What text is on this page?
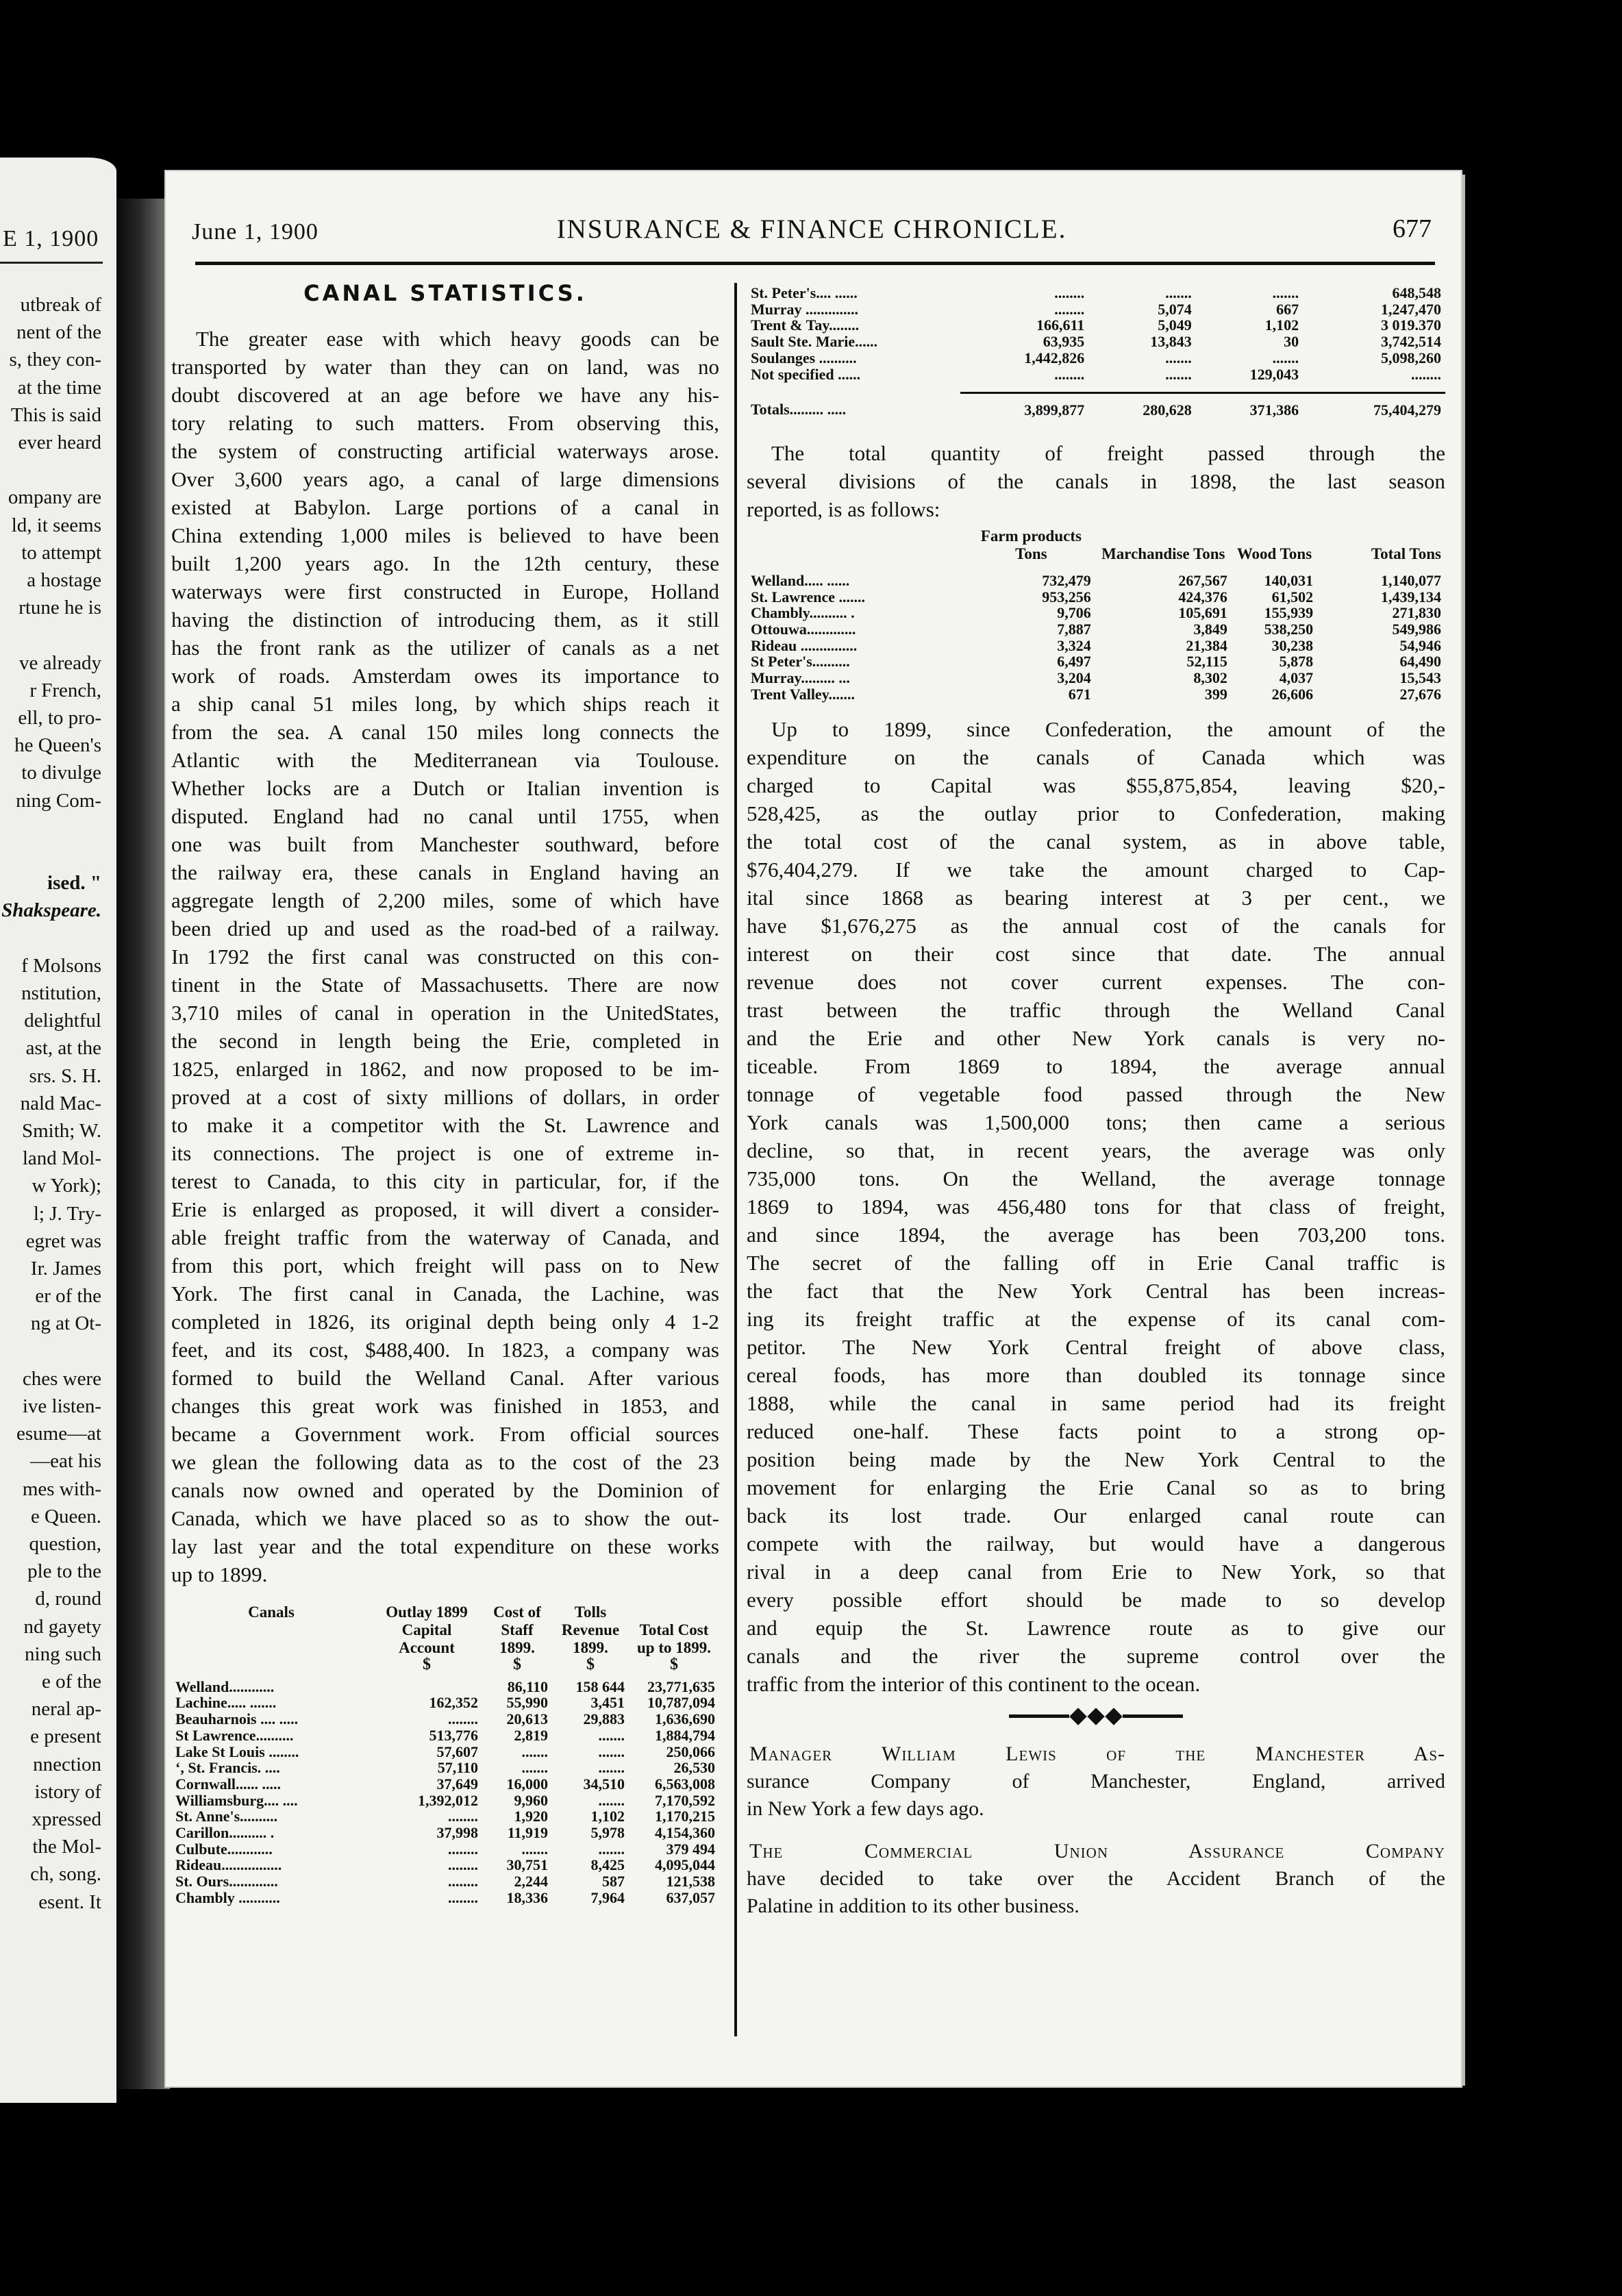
E 1, 1900
utbreak of
nent of the
s, they con-
at the time
This is said
ever heard
ompany are
ld, it seems
to attempt
a hostage
rtune he is
ve already
r French,
ell, to pro-
he Queen's
to divulge
ning Com-
ised. "
Shakspeare.
f Molsons
nstitution,
delightful
ast, at the
srs. S. H.
nald Mac-
Smith; W.
land Mol-
w York);
l; J. Try-
egret was
Ir. James
er of the
ng at Ot-
ches were
ive listen-
esume—at
—eat his
mes with-
e Queen.
question,
ple to the
d, round
nd gayety
ning such
e of the
neral ap-
e present
nnection
istory of
xpressed
the Mol-
ch, song.
esent. It
June 1, 1900	INSURANCE & FINANCE CHRONICLE.	677
CANAL STATISTICS.
The greater ease with which heavy goods can be
transported by water than they can on land, was no
doubt discovered at an age before we have any his-
tory relating to such matters. From observing this,
the system of constructing artificial waterways arose.
Over 3,600 years ago, a canal of large dimensions
existed at Babylon. Large portions of a canal in
China extending 1,000 miles is believed to have been
built 1,200 years ago. In the 12th century, these
waterways were first constructed in Europe, Holland
having the distinction of introducing them, as it still
has the front rank as the utilizer of canals as a net
work of roads. Amsterdam owes its importance to
a ship canal 51 miles long, by which ships reach it
from the sea. A canal 150 miles long connects the
Atlantic with the Mediterranean via Toulouse.
Whether locks are a Dutch or Italian invention is
disputed. England had no canal until 1755, when
one was built from Manchester southward, before
the railway era, these canals in England having an
aggregate length of 2,200 miles, some of which have
been dried up and used as the road-bed of a railway.
In 1792 the first canal was constructed on this con-
tinent in the State of Massachusetts. There are now
3,710 miles of canal in operation in the UnitedStates,
the second in length being the Erie, completed in
1825, enlarged in 1862, and now proposed to be im-
proved at a cost of sixty millions of dollars, in order
to make it a competitor with the St. Lawrence and
its connections. The project is one of extreme in-
terest to Canada, to this city in particular, for, if the
Erie is enlarged as proposed, it will divert a consider-
able freight traffic from the waterway of Canada, and
from this port, which freight will pass on to New
York. The first canal in Canada, the Lachine, was
completed in 1826, its original depth being only 4 1-2
feet, and its cost, $488,400. In 1823, a company was
formed to build the Welland Canal. After various
changes this great work was finished in 1853, and
became a Government work. From official sources
we glean the following data as to the cost of the 23
canals now owned and operated by the Dominion of
Canada, which we have placed so as to show the out-
lay last year and the total expenditure on these works
up to 1899.
Canals	Outlay 1899 Capital Account	Cost of Staff 1899.	Tolls Revenue 1899.	Total Cost up to 1899.
	$	$	$	$
Welland............		86,110	158 644	23,771,635
Lachine..... .......	162,352	55,990	3,451	10,787,094
Beauharnois .... .....	........	20,613	29,883	1,636,690
St Lawrence..........	513,776	2,819	.......	1,884,794
Lake St Louis ........	57,607	.......	.......	250,066
‘, St. Francis. ....	57,110	.......	.......	26,530
Cornwall...... .....	37,649	16,000	34,510	6,563,008
Williamsburg.... ....	1,392,012	9,960	.......	7,170,592
St. Anne's..........	........	1,920	1,102	1,170,215
Carillon.......... .	37,998	11,919	5,978	4,154,360
Culbute............	........	.......	.......	379 494
Rideau................	........	30,751	8,425	4,095,044
St. Ours.............	........	2,244	587	121,538
Chambly ...........	........	18,336	7,964	637,057
St. Peter's.... ......	........	.......	.......	648,548
Murray ..............	........	5,074	667	1,247,470
Trent & Tay........	166,611	5,049	1,102	3 019.370
Sault Ste. Marie......	63,935	13,843	30	3,742,514
Soulanges ..........	1,442,826	.......	.......	5,098,260
Not specified ......	........	.......	129,043	........

Totals......... .....	3,899,877	280,628	371,386	75,404,279
The total quantity of freight passed through the
several divisions of the canals in 1898, the last season
reported, is as follows:
	Farm products Tons	Marchandise Tons	Wood Tons	Total Tons
Welland..... ......	732,479	267,567	140,031	1,140,077
St. Lawrence .......	953,256	424,376	61,502	1,439,134
Chambly.......... .	9,706	105,691	155,939	271,830
Ottouwa.............	7,887	3,849	538,250	549,986
Rideau ...............	3,324	21,384	30,238	54,946
St Peter's..........	6,497	52,115	5,878	64,490
Murray......... ...	3,204	8,302	4,037	15,543
Trent Valley.......	671	399	26,606	27,676
Up to 1899, since Confederation, the amount of the
expenditure on the canals of Canada which was
charged to Capital was $55,875,854, leaving $20,-
528,425, as the outlay prior to Confederation, making
the total cost of the canal system, as in above table,
$76,404,279. If we take the amount charged to Cap-
ital since 1868 as bearing interest at 3 per cent., we
have $1,676,275 as the annual cost of the canals for
interest on their cost since that date. The annual
revenue does not cover current expenses. The con-
trast between the traffic through the Welland Canal
and the Erie and other New York canals is very no-
ticeable. From 1869 to 1894, the average annual
tonnage of vegetable food passed through the New
York canals was 1,500,000 tons; then came a serious
decline, so that, in recent years, the average was only
735,000 tons. On the Welland, the average tonnage
1869 to 1894, was 456,480 tons for that class of freight,
and since 1894, the average has been 703,200 tons.
The secret of the falling off in Erie Canal traffic is
the fact that the New York Central has been increas-
ing its freight traffic at the expense of its canal com-
petitor. The New York Central freight of above class,
cereal foods, has more than doubled its tonnage since
1888, while the canal in same period had its freight
reduced one-half. These facts point to a strong op-
position being made by the New York Central to the
movement for enlarging the Erie Canal so as to bring
back its lost trade. Our enlarged canal route can
compete with the railway, but would have a dangerous
rival in a deep canal from Erie to New York, so that
every possible effort should be made to so develop
and equip the St. Lawrence route as to give our
canals and the river the supreme control over the
traffic from the interior of this continent to the ocean.
Manager William Lewis of the Manchester As-
surance Company of Manchester, England, arrived
in New York a few days ago.
The Commercial Union Assurance Company
have decided to take over the Accident Branch of the
Palatine in addition to its other business.
